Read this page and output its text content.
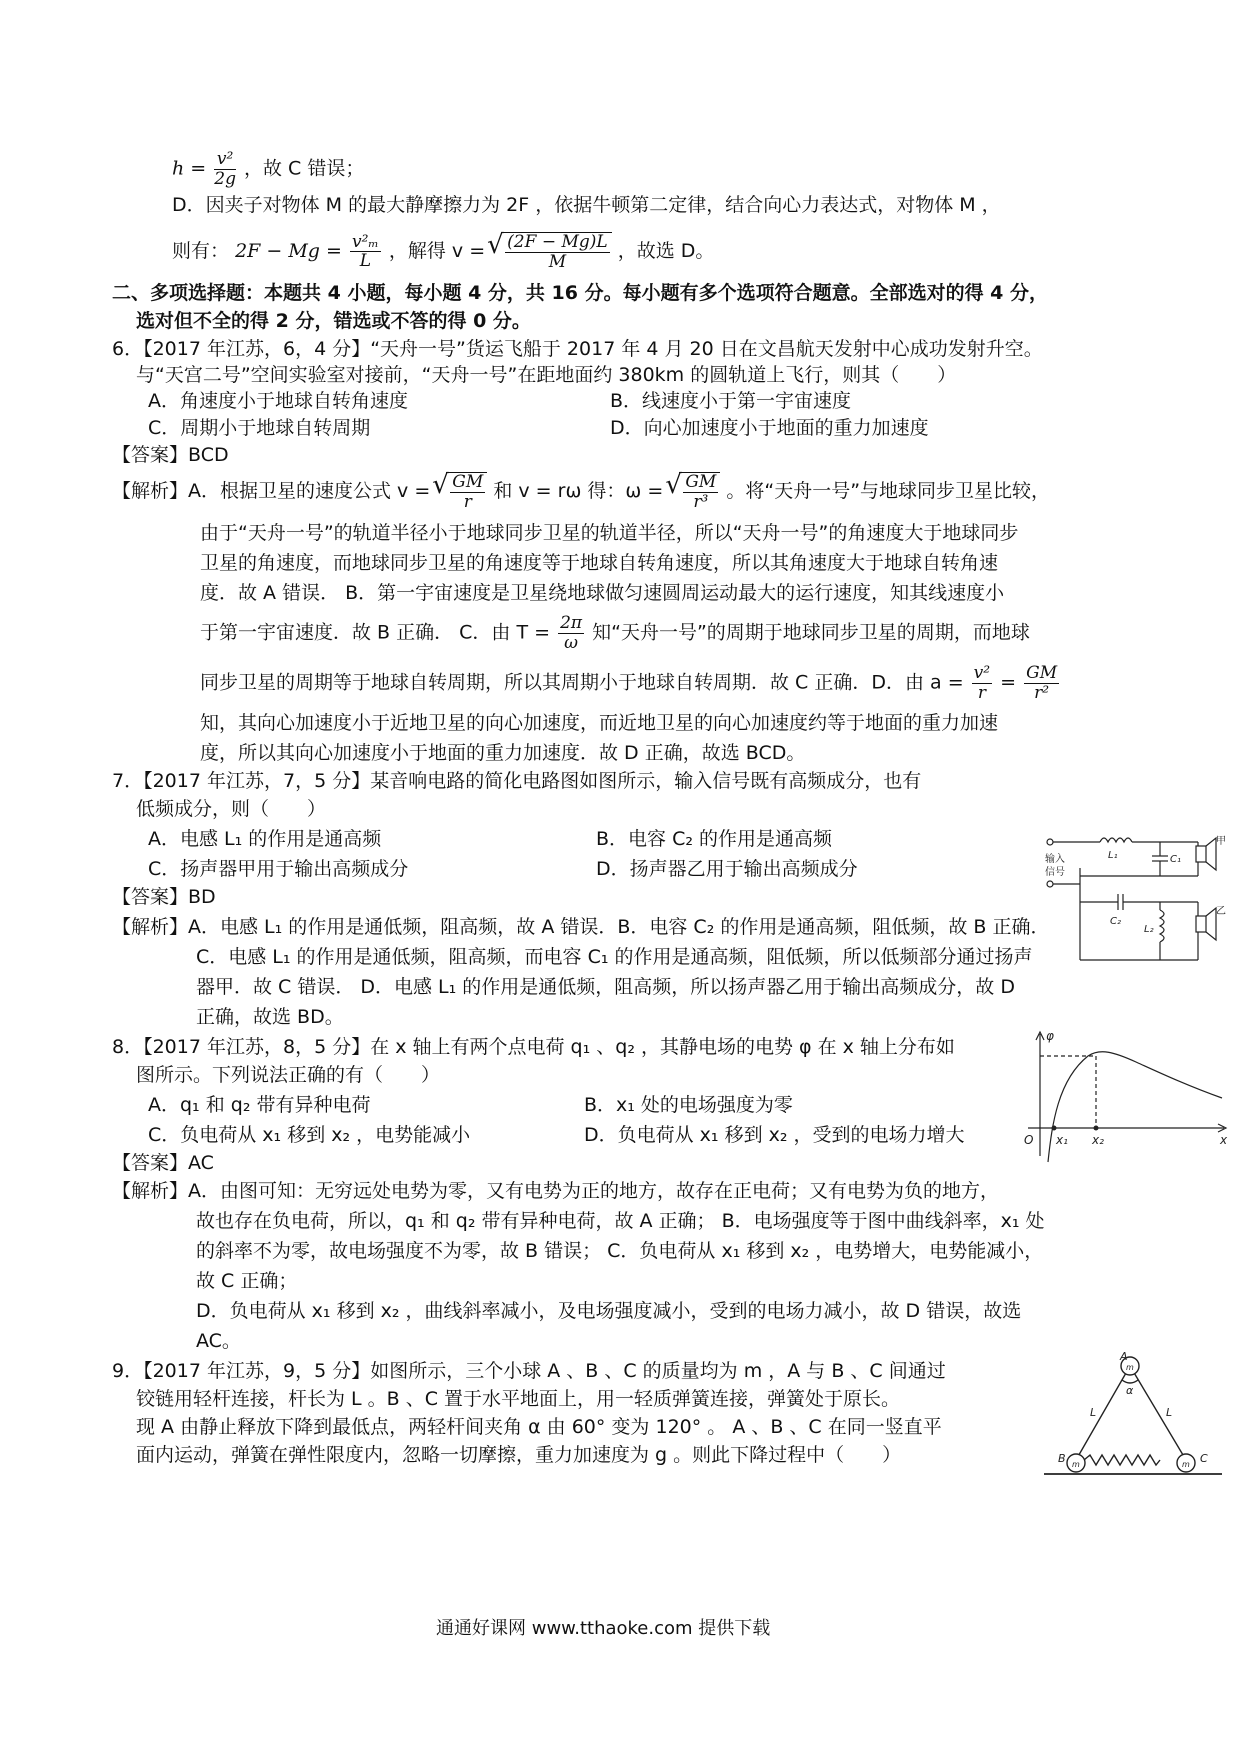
$h = \frac{\text{v²}}{2g}$ ，故 C 错误；
D．因夹子对物体 M 的最大静摩擦力为 2F ，依据牛顿第二定律，结合向心力表达式，对物体 M ，
则有： $2F - Mg = \frac{\text{v²ₘ}}{L}$ ，解得 v = √ $\frac{(2F - Mg)L}{M}$ ，故选 D。
二、多项选择题：本题共 4 小题，每小题 4 分，共 16 分。每小题有多个选项符合题意。全部选对的得 4 分，
选对但不全的得 2 分，错选或不答的得 0 分。
6．【2017 年江苏，6，4 分】“天舟一号”货运飞船于 2017 年 4 月 20 日在文昌航天发射中心成功发射升空。
与“天宫二号”空间实验室对接前，“天舟一号”在距地面约 380km 的圆轨道上飞行，则其（　　）
A．角速度小于地球自转角速度	B．线速度小于第一宇宙速度
C．周期小于地球自转周期	D．向心加速度小于地面的重力加速度
【答案】BCD
【解析】A．根据卫星的速度公式 v = √ $\frac{GM}{r}$ 和 v = rω 得：ω = √ $\frac{GM}{\text{r³}}$ 。将“天舟一号”与地球同步卫星比较，
由于“天舟一号”的轨道半径小于地球同步卫星的轨道半径，所以“天舟一号”的角速度大于地球同步
卫星的角速度，而地球同步卫星的角速度等于地球自转角速度，所以其角速度大于地球自转角速
度．故 A 错误． B．第一宇宙速度是卫星绕地球做匀速圆周运动最大的运行速度，知其线速度小
于第一宇宙速度．故 B 正确． C．由 $T = \frac{2\pi}{\omega}$ 知“天舟一号”的周期于地球同步卫星的周期，而地球
同步卫星的周期等于地球自转周期，所以其周期小于地球自转周期．故 C 正确．D．由 $a = \frac{\text{v²}}{r} = \frac{GM}{\text{r²}}$
知，其向心加速度小于近地卫星的向心加速度，而近地卫星的向心加速度约等于地面的重力加速
度，所以其向心加速度小于地面的重力加速度．故 D 正确，故选 BCD。
7．【2017 年江苏，7，5 分】某音响电路的简化电路图如图所示，输入信号既有高频成分，也有
低频成分，则（　　）
A．电感 L₁ 的作用是通高频	B．电容 C₂ 的作用是通高频
C．扬声器甲用于输出高频成分	D．扬声器乙用于输出高频成分
【答案】BD
【解析】A．电感 L₁ 的作用是通低频，阻高频，故 A 错误．B．电容 C₂ 的作用是通高频，阻低频，故 B 正确．
C．电感 L₁ 的作用是通低频，阻高频，而电容 C₁ 的作用是通高频，阻低频，所以低频部分通过扬声
器甲．故 C 错误． D．电感 L₁ 的作用是通低频，阻高频，所以扬声器乙用于输出高频成分，故 D
正确，故选 BD。
输入
信号
L₁	C₁
甲
C₂
L₂
乙
8．【2017 年江苏，8，5 分】在 x 轴上有两个点电荷 q₁ 、q₂ ，其静电场的电势 φ 在 x 轴上分布如
图所示。下列说法正确的有（　　）
A．q₁ 和 q₂ 带有异种电荷	B．x₁ 处的电场强度为零
C．负电荷从 x₁ 移到 x₂ ，电势能减小	D．负电荷从 x₁ 移到 x₂ ，受到的电场力增大
【答案】AC
【解析】A．由图可知：无穷远处电势为零，又有电势为正的地方，故存在正电荷；又有电势为负的地方，
故也存在负电荷，所以，q₁ 和 q₂ 带有异种电荷，故 A 正确； B．电场强度等于图中曲线斜率，x₁ 处
的斜率不为零，故电场强度不为零，故 B 错误； C．负电荷从 x₁ 移到 x₂ ，电势增大，电势能减小，
故 C 正确；
D．负电荷从 x₁ 移到 x₂ ，曲线斜率减小，及电场强度减小，受到的电场力减小，故 D 错误，故选
AC。
φ
O x₁ x₂	x
9．【2017 年江苏，9，5 分】如图所示，三个小球 A 、B 、C 的质量均为 m ，A 与 B 、C 间通过
铰链用轻杆连接，杆长为 L 。B 、C 置于水平地面上，用一轻质弹簧连接，弹簧处于原长。
现 A 由静止释放下降到最低点，两轻杆间夹角 α 由 60° 变为 120° 。 A 、B 、C 在同一竖直平
面内运动，弹簧在弹性限度内，忽略一切摩擦，重力加速度为 g 。则此下降过程中（　　）
A
m
B m	C
m
L	L
α
通通好课网 www.tthaoke.com 提供下载
